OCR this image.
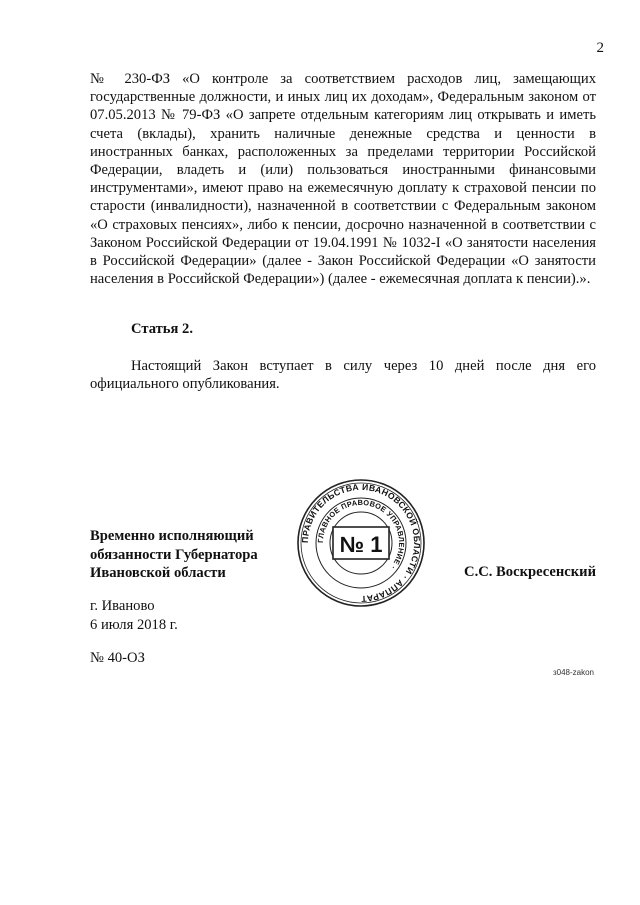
2

№ 230-ФЗ «О контроле за соответствием расходов лиц, замещающих государственные должности, и иных лиц их доходам», Федеральным законом от 07.05.2013 № 79-ФЗ «О запрете отдельным категориям лиц открывать и иметь счета (вклады), хранить наличные денежные средства и ценности в иностранных банках, расположенных за пределами территории Российской Федерации, владеть и (или) пользоваться иностранными финансовыми инструментами», имеют право на ежемесячную доплату к страховой пенсии по старости (инвалидности), назначенной в соответствии с Федеральным законом «О страховых пенсиях», либо к пенсии, досрочно назначенной в соответствии с Законом Российской Федерации от 19.04.1991 № 1032-I «О занятости населения в Российской Федерации» (далее - Закон Российской Федерации «О занятости населения в Российской Федерации») (далее - ежемесячная доплата к пенсии).».

Статья 2.

Настоящий Закон вступает в силу через 10 дней после дня его официального опубликования.

Временно исполняющий
обязанности Губернатора
Ивановской области
ПРАВИТЕЛЬСТВА ИВАНОВСКОЙ ОБЛАСТИ · АППАРАТ
ГЛАВНОЕ ПРАВОВОЕ УПРАВЛЕНИЕ ·
№ 1
С.С. Воскресенский
г. Иваново
6 июля 2018 г.
№ 40-ОЗ
з048-zakon
